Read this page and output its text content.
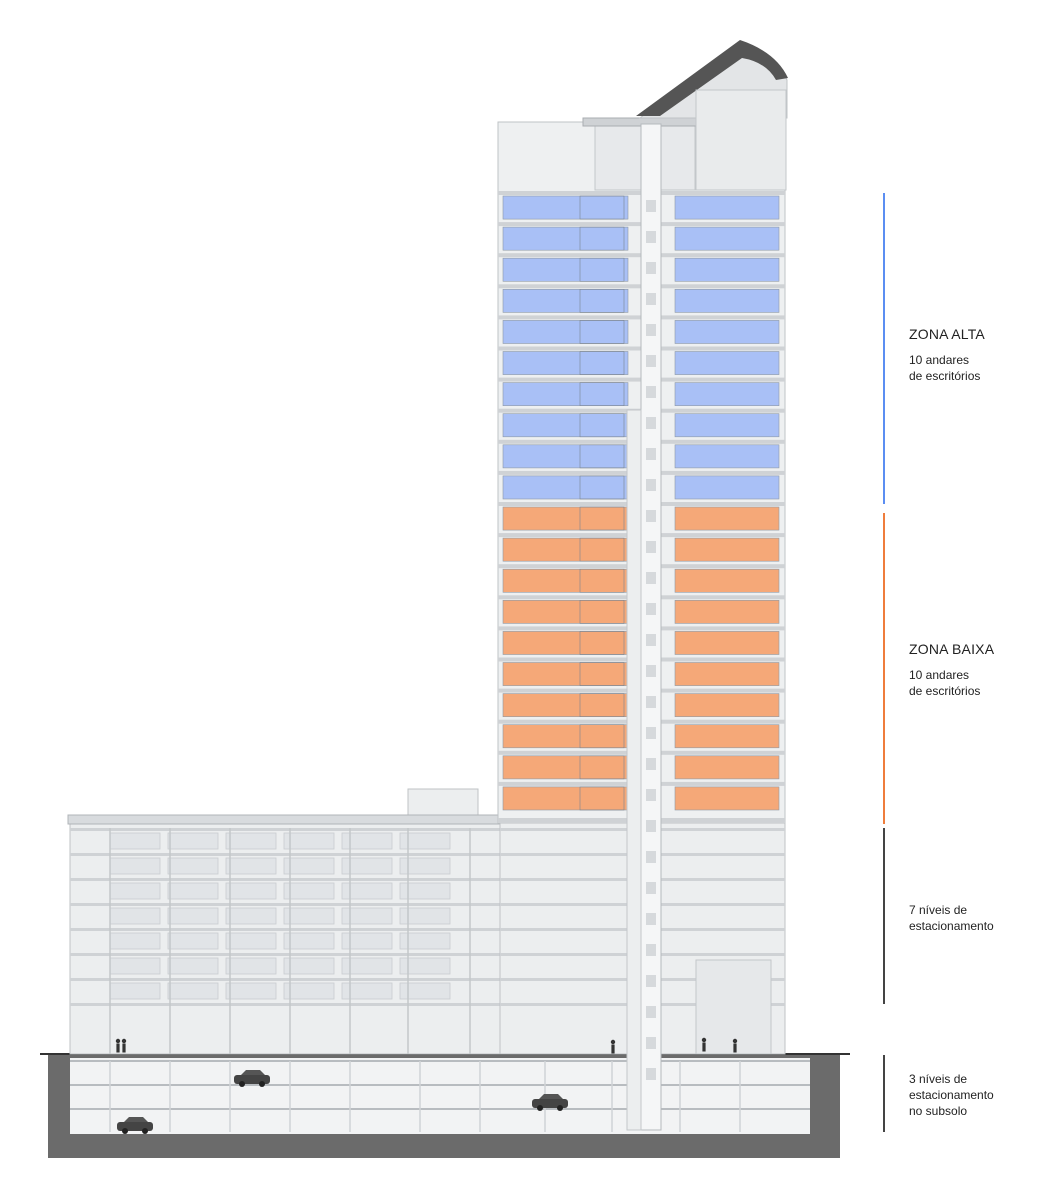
ZONA ALTA

10 andares

de escritórios

ZONA BAIXA

10 andares

de escritórios

7 níveis de

estacionamento

3 níveis de

estacionamento

no subsolo
